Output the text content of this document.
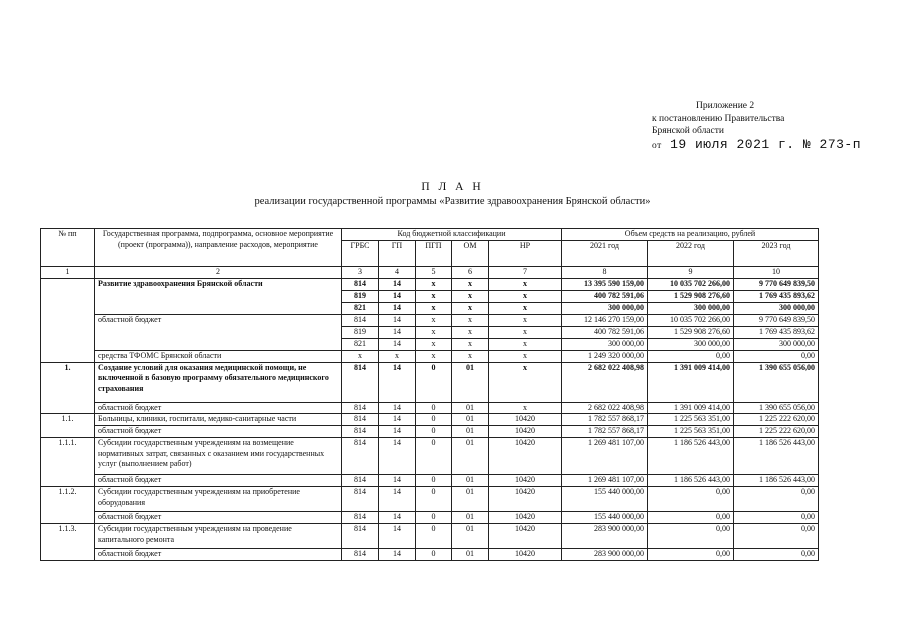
Приложение 2
к постановлению Правительства
Брянской области
от 19 июля 2021 г. № 273-п
П Л А Н
реализации государственной программы «Развитие здравоохранения Брянской области»
№ пп	Государственная программа, подпрограмма, основное мероприятие (проект (программа)), направление расходов, мероприятие	Код бюджетной классификации					Объем средств на реализацию, рублей		
		ГРБС	ГП	ПГП	ОМ	НР	2021 год	2022 год	2023 год
1	2	3	4	5	6	7	8	9	10
	Развитие здравоохранения Брянской области	814	14	х	х	х	13 395 590 159,00	10 035 702 266,00	9 770 649 839,50
		819	14	х	х	х	400 782 591,06	1 529 908 276,60	1 769 435 893,62
		821	14	х	х	х	300 000,00	300 000,00	300 000,00
	областной бюджет	814	14	х	х	х	12 146 270 159,00	10 035 702 266,00	9 770 649 839,50
		819	14	х	х	х	400 782 591,06	1 529 908 276,60	1 769 435 893,62
		821	14	х	х	х	300 000,00	300 000,00	300 000,00
	средства ТФОМС Брянской области	х	х	х	х	х	1 249 320 000,00	0,00	0,00
1.	Создание условий для оказания медицинской помощи, не включенной в базовую программу обязательного медицинского страхования	814	14	0	01	х	2 682 022 408,98	1 391 009 414,00	1 390 655 056,00
	областной бюджет	814	14	0	01	х	2 682 022 408,98	1 391 009 414,00	1 390 655 056,00
1.1.	Больницы, клиники, госпитали, медико-санитарные части	814	14	0	01	10420	1 782 557 868,17	1 225 563 351,00	1 225 222 620,00
	областной бюджет	814	14	0	01	10420	1 782 557 868,17	1 225 563 351,00	1 225 222 620,00
1.1.1.	Субсидии государственным учреждениям на возмещение нормативных затрат, связанных с оказанием ими государственных услуг (выполнением работ)	814	14	0	01	10420	1 269 481 107,00	1 186 526 443,00	1 186 526 443,00
	областной бюджет	814	14	0	01	10420	1 269 481 107,00	1 186 526 443,00	1 186 526 443,00
1.1.2.	Субсидии государственным учреждениям на приобретение оборудования	814	14	0	01	10420	155 440 000,00	0,00	0,00
	областной бюджет	814	14	0	01	10420	155 440 000,00	0,00	0,00
1.1.3.	Субсидии государственным учреждениям на проведение капитального ремонта	814	14	0	01	10420	283 900 000,00	0,00	0,00
	областной бюджет	814	14	0	01	10420	283 900 000,00	0,00	0,00
